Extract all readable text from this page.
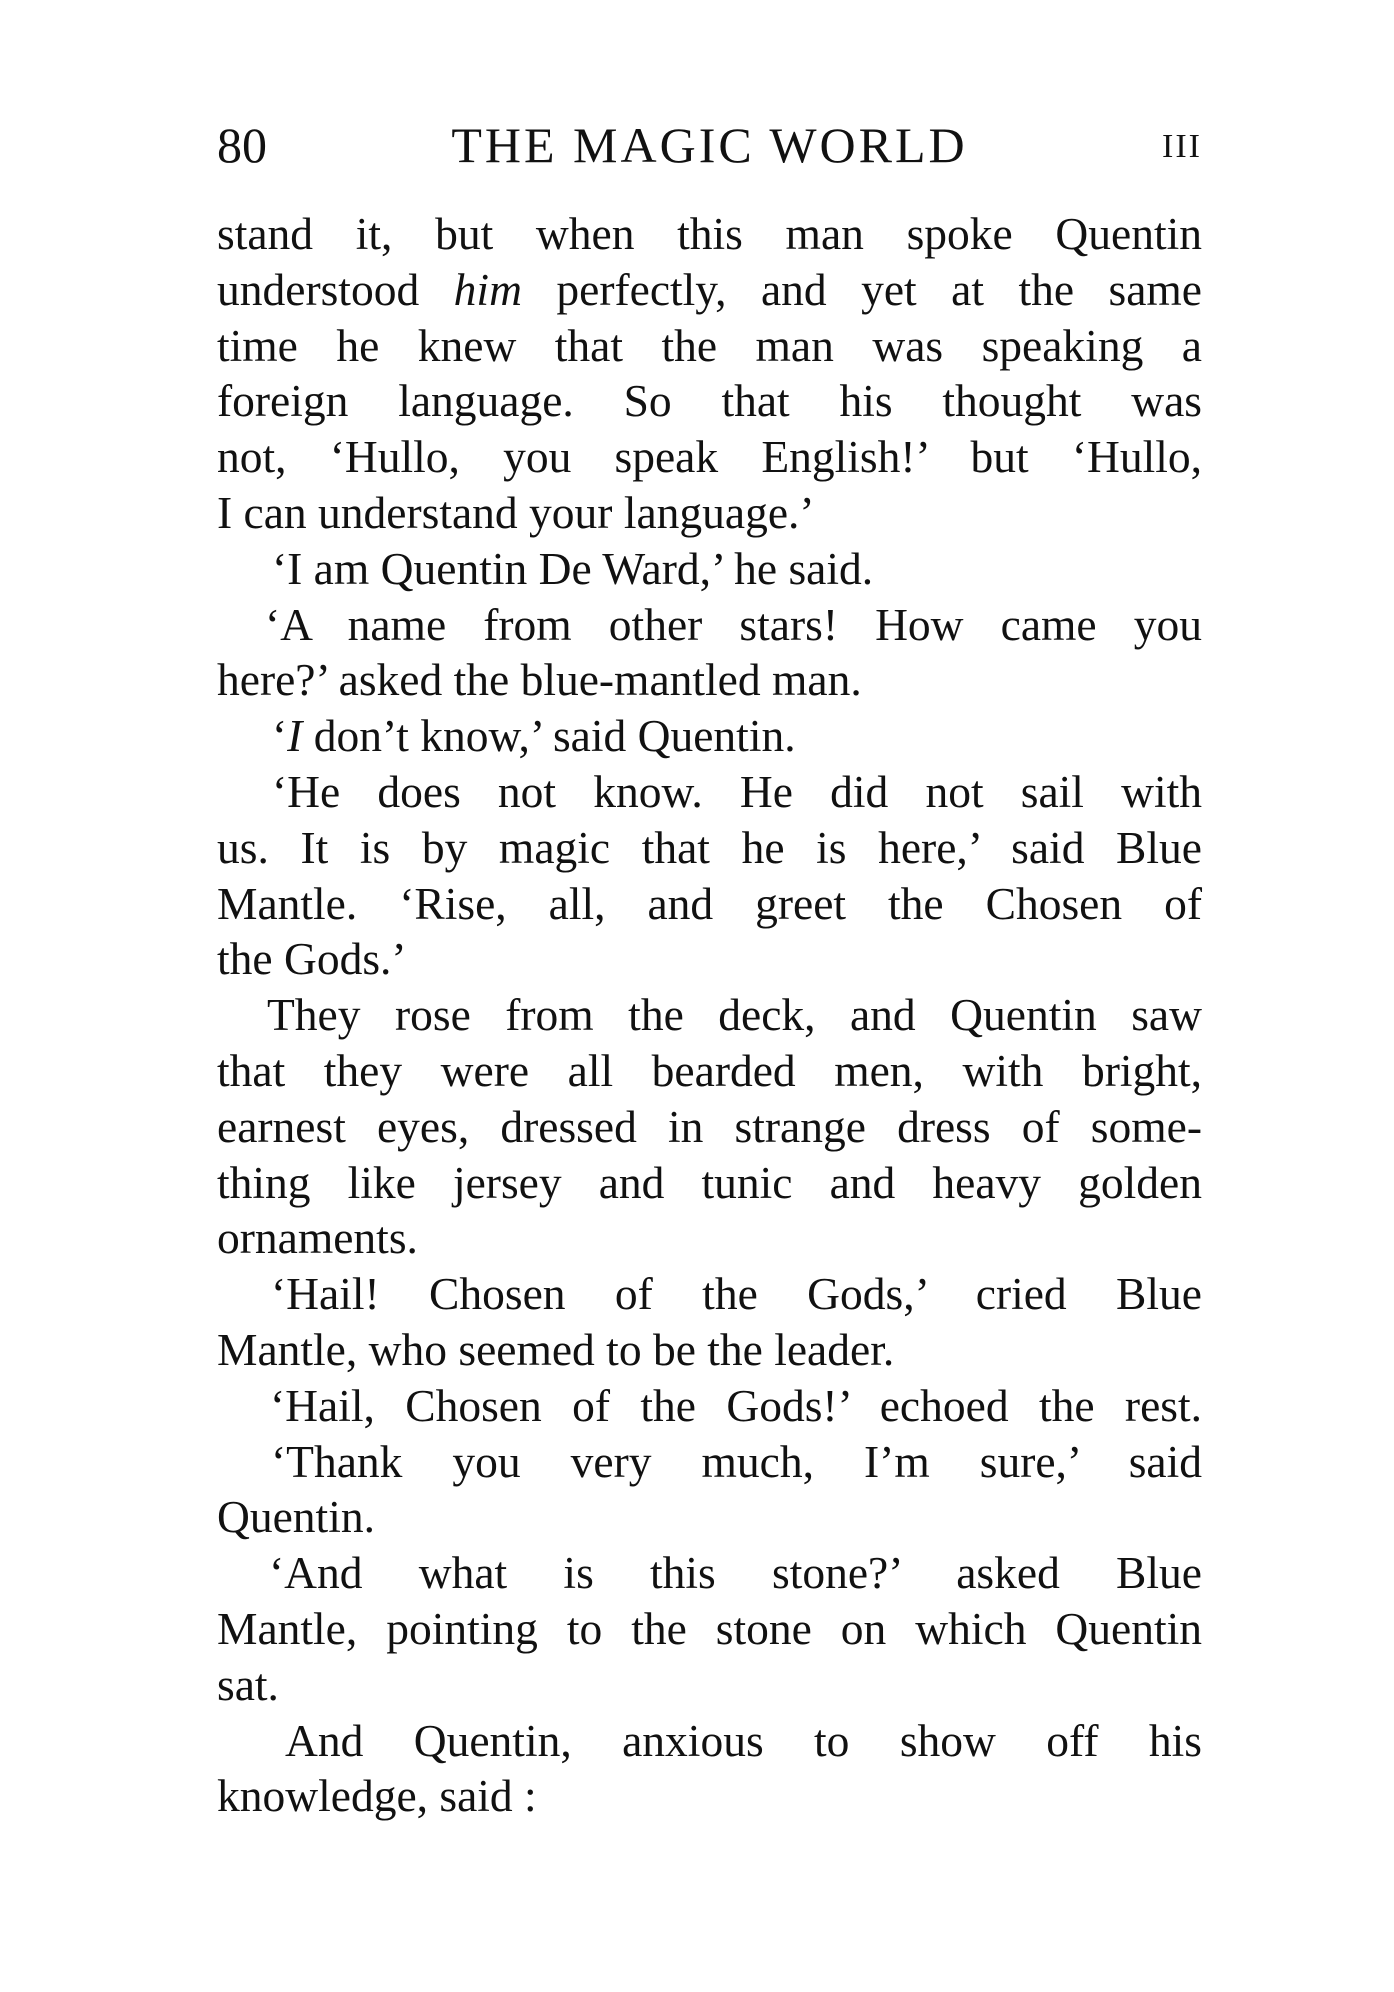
80	THE MAGIC WORLD	III
stand it, but when this man spoke Quentin
understood him perfectly, and yet at the same
time he knew that the man was speaking a
foreign language. So that his thought was
not, ‘Hullo, you speak English!’ but ‘Hullo,
I can understand your language.’
‘I am Quentin De Ward,’ he said.
‘A name from other stars! How came you
here?’ asked the blue-mantled man.
‘I don’t know,’ said Quentin.
‘He does not know. He did not sail with
us. It is by magic that he is here,’ said Blue
Mantle. ‘Rise, all, and greet the Chosen of
the Gods.’
They rose from the deck, and Quentin saw
that they were all bearded men, with bright,
earnest eyes, dressed in strange dress of some-
thing like jersey and tunic and heavy golden
ornaments.
‘Hail! Chosen of the Gods,’ cried Blue
Mantle, who seemed to be the leader.
‘Hail, Chosen of the Gods!’ echoed the rest.
‘Thank you very much, I’m sure,’ said
Quentin.
‘And what is this stone?’ asked Blue
Mantle, pointing to the stone on which Quentin
sat.
And Quentin, anxious to show off his
knowledge, said :
